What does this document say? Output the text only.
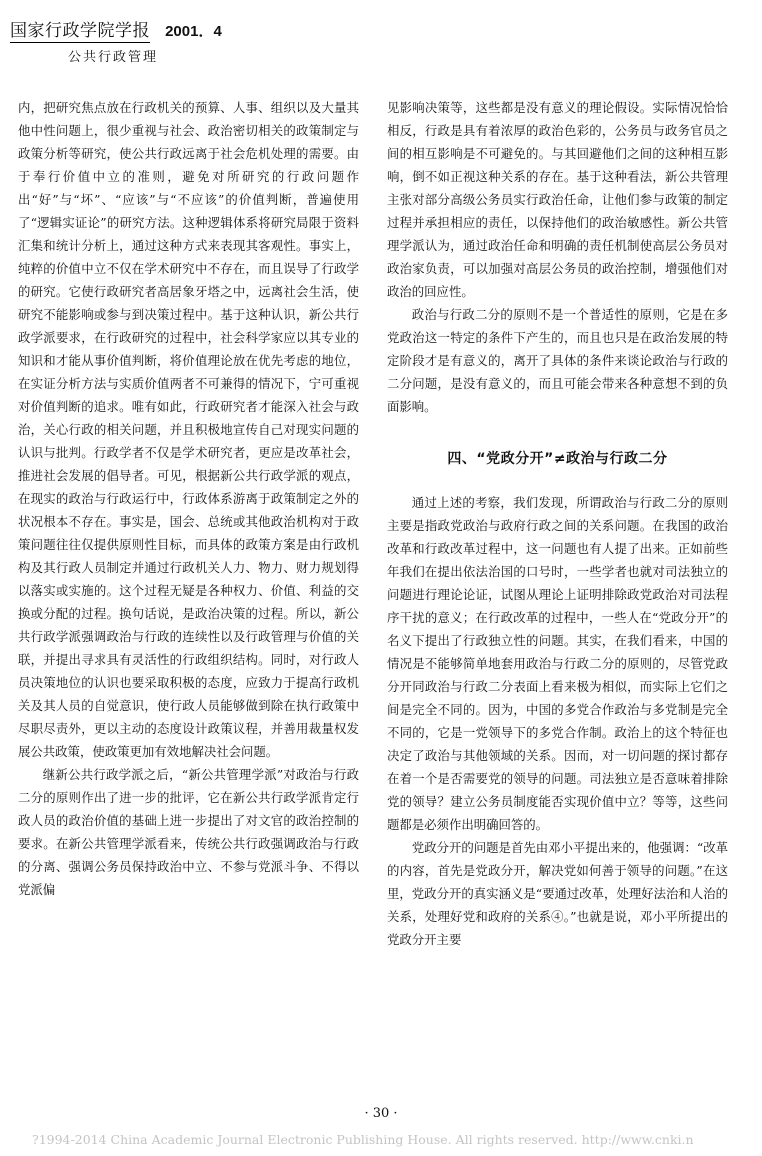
国家行政学院学报 2001．4
公共行政管理

内，把研究焦点放在行政机关的预算、人事、组织以及大量其他中性问题上，很少重视与社会、政治密切相关的政策制定与政策分析等研究，使公共行政远离于社会危机处理的需要。由于奉行价值中立的准则，避免对所研究的行政问题作出“好”与“坏”、“应该”与“不应该”的价值判断，普遍使用了“逻辑实证论”的研究方法。这种逻辑体系将研究局限于资料汇集和统计分析上，通过这种方式来表现其客观性。事实上，纯粹的价值中立不仅在学术研究中不存在，而且误导了行政学的研究。它使行政研究者高居象牙塔之中，远离社会生活，使研究不能影响或参与到决策过程中。基于这种认识，新公共行政学派要求，在行政研究的过程中，社会科学家应以其专业的知识和才能从事价值判断，将价值理论放在优先考虑的地位，在实证分析方法与实质价值两者不可兼得的情况下，宁可重视对价值判断的追求。唯有如此，行政研究者才能深入社会与政治，关心行政的相关问题，并且积极地宣传自己对现实问题的认识与批判。行政学者不仅是学术研究者，更应是改革社会，推进社会发展的倡导者。可见，根据新公共行政学派的观点，在现实的政治与行政运行中，行政体系游离于政策制定之外的状况根本不存在。事实是，国会、总统或其他政治机构对于政策问题往往仅提供原则性目标，而具体的政策方案是由行政机构及其行政人员制定并通过行政机关人力、物力、财力规划得以落实或实施的。这个过程无疑是各种权力、价值、利益的交换或分配的过程。换句话说，是政治决策的过程。所以，新公共行政学派强调政治与行政的连续性以及行政管理与价值的关联，并提出寻求具有灵活性的行政组织结构。同时，对行政人员决策地位的认识也要采取积极的态度，应致力于提高行政机关及其人员的自觉意识，使行政人员能够做到除在执行政策中尽职尽责外，更以主动的态度设计政策议程，并善用裁量权发展公共政策，使政策更加有效地解决社会问题。

继新公共行政学派之后，“新公共管理学派”对政治与行政二分的原则作出了进一步的批评，它在新公共行政学派肯定行政人员的政治价值的基础上进一步提出了对文官的政治控制的要求。在新公共管理学派看来，传统公共行政强调政治与行政的分离、强调公务员保持政治中立、不参与党派斗争、不得以党派偏

见影响决策等，这些都是没有意义的理论假设。实际情况恰恰相反，行政是具有着浓厚的政治色彩的，公务员与政务官员之间的相互影响是不可避免的。与其回避他们之间的这种相互影响，倒不如正视这种关系的存在。基于这种看法，新公共管理主张对部分高级公务员实行政治任命，让他们参与政策的制定过程并承担相应的责任，以保持他们的政治敏感性。新公共管理学派认为，通过政治任命和明确的责任机制使高层公务员对政治家负责，可以加强对高层公务员的政治控制，增强他们对政治的回应性。

政治与行政二分的原则不是一个普适性的原则，它是在多党政治这一特定的条件下产生的，而且也只是在政治发展的特定阶段才是有意义的，离开了具体的条件来谈论政治与行政的二分问题，是没有意义的，而且可能会带来各种意想不到的负面影响。

四、“党政分开”≠政治与行政二分

通过上述的考察，我们发现，所谓政治与行政二分的原则主要是指政党政治与政府行政之间的关系问题。在我国的政治改革和行政改革过程中，这一问题也有人提了出来。正如前些年我们在提出依法治国的口号时，一些学者也就对司法独立的问题进行理论论证，试图从理论上证明排除政党政治对司法程序干扰的意义；在行政改革的过程中，一些人在“党政分开”的名义下提出了行政独立性的问题。其实，在我们看来，中国的情况是不能够简单地套用政治与行政二分的原则的，尽管党政分开同政治与行政二分表面上看来极为相似，而实际上它们之间是完全不同的。因为，中国的多党合作政治与多党制是完全不同的，它是一党领导下的多党合作制。政治上的这个特征也决定了政治与其他领域的关系。因而，对一切问题的探讨都存在着一个是否需要党的领导的问题。司法独立是否意味着排除党的领导？建立公务员制度能否实现价值中立？等等，这些问题都是必须作出明确回答的。

党政分开的问题是首先由邓小平提出来的，他强调：“改革的内容，首先是党政分开，解决党如何善于领导的问题。”在这里，党政分开的真实涵义是“要通过改革，处理好法治和人治的关系，处理好党和政府的关系④。”也就是说，邓小平所提出的党政分开主要

· 30 ·
?1994-2014 China Academic Journal Electronic Publishing House. All rights reserved. http://www.cnki.n
